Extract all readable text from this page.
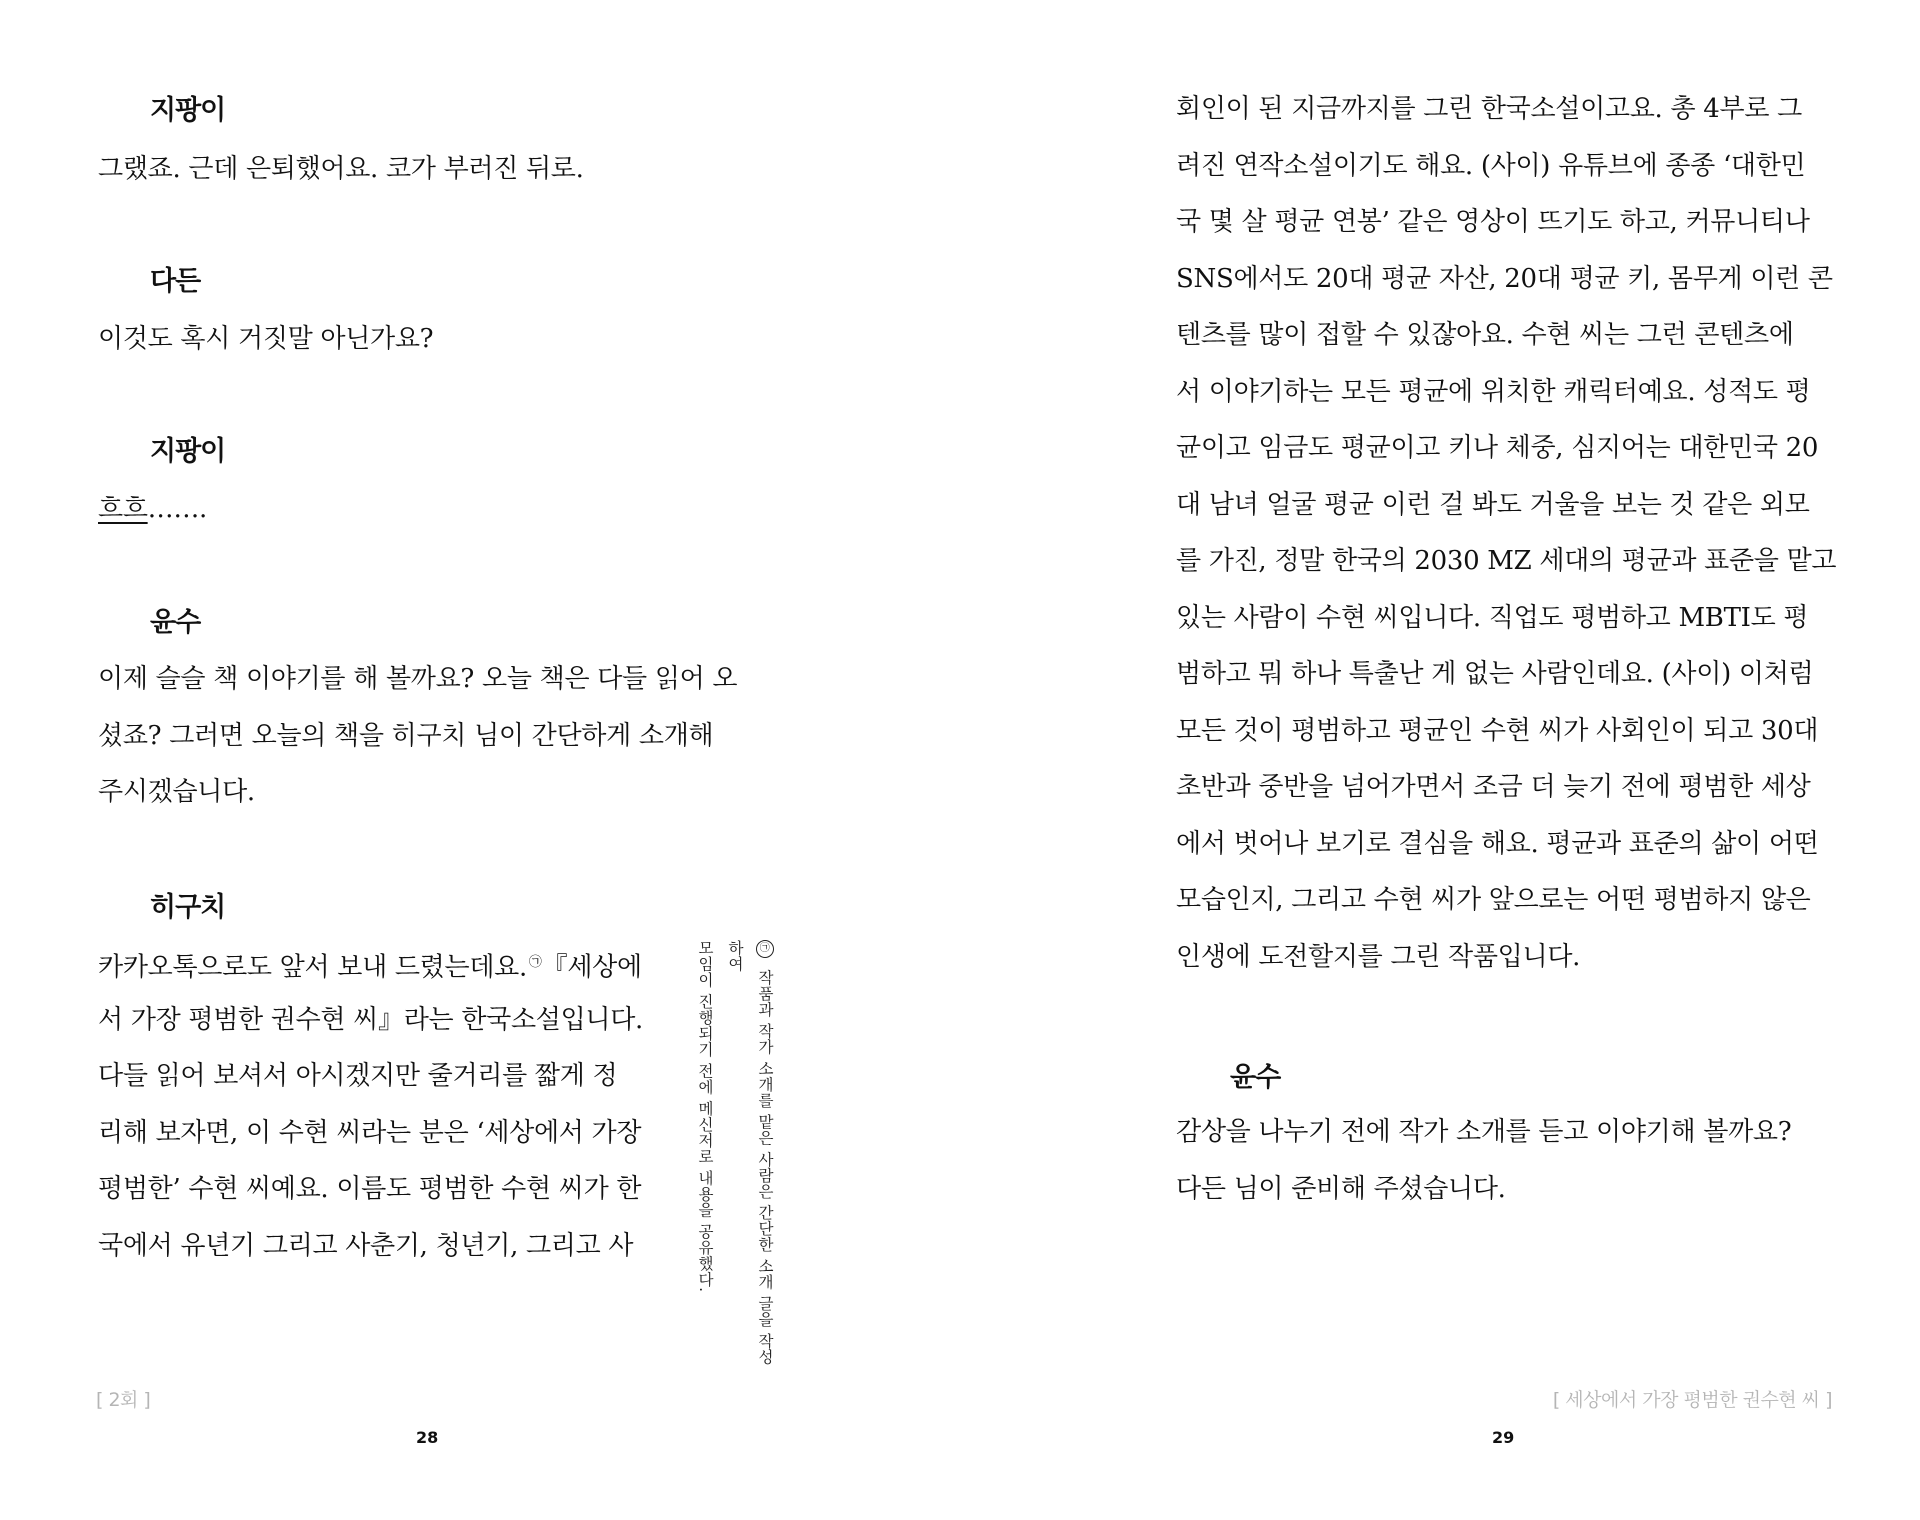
지팡이

그랬죠. 근데 은퇴했어요. 코가 부러진 뒤로.

다든

이것도 혹시 거짓말 아닌가요?

지팡이

흐흐…….

윤수

이제 슬슬 책 이야기를 해 볼까요? 오늘 책은 다들 읽어 오
셨죠? 그러면 오늘의 책을 히구치 님이 간단하게 소개해
주시겠습니다.

히구치

카카오톡으로도 앞서 보내 드렸는데요. ㉠『세상에
서 가장 평범한 권수현 씨』라는 한국소설입니다.
다들 읽어 보셔서 아시겠지만 줄거리를 짧게 정
리해 보자면, 이 수현 씨라는 분은 ‘세상에서 가장
평범한’ 수현 씨예요. 이름도 평범한 수현 씨가 한
국에서 유년기 그리고 사춘기, 청년기, 그리고 사
㉠ 작품과 작가 소개를 맡은 사람은 간단한 소개 글을 작성하여
모임이 진행되기 전에 메신저로 내용을 공유했다.
[ 2회 ]
28
회인이 된 지금까지를 그린 한국소설이고요. 총 4부로 그
려진 연작소설이기도 해요. (사이) 유튜브에 종종 ‘대한민
국 몇 살 평균 연봉’ 같은 영상이 뜨기도 하고, 커뮤니티나
SNS에서도 20대 평균 자산, 20대 평균 키, 몸무게 이런 콘
텐츠를 많이 접할 수 있잖아요. 수현 씨는 그런 콘텐츠에
서 이야기하는 모든 평균에 위치한 캐릭터예요. 성적도 평
균이고 임금도 평균이고 키나 체중, 심지어는 대한민국 20
대 남녀 얼굴 평균 이런 걸 봐도 거울을 보는 것 같은 외모
를 가진, 정말 한국의 2030 MZ 세대의 평균과 표준을 맡고
있는 사람이 수현 씨입니다. 직업도 평범하고 MBTI도 평
범하고 뭐 하나 특출난 게 없는 사람인데요. (사이) 이처럼
모든 것이 평범하고 평균인 수현 씨가 사회인이 되고 30대
초반과 중반을 넘어가면서 조금 더 늦기 전에 평범한 세상
에서 벗어나 보기로 결심을 해요. 평균과 표준의 삶이 어떤
모습인지, 그리고 수현 씨가 앞으로는 어떤 평범하지 않은
인생에 도전할지를 그린 작품입니다.

윤수

감상을 나누기 전에 작가 소개를 듣고 이야기해 볼까요?
다든 님이 준비해 주셨습니다.
[ 세상에서 가장 평범한 권수현 씨 ]
29
